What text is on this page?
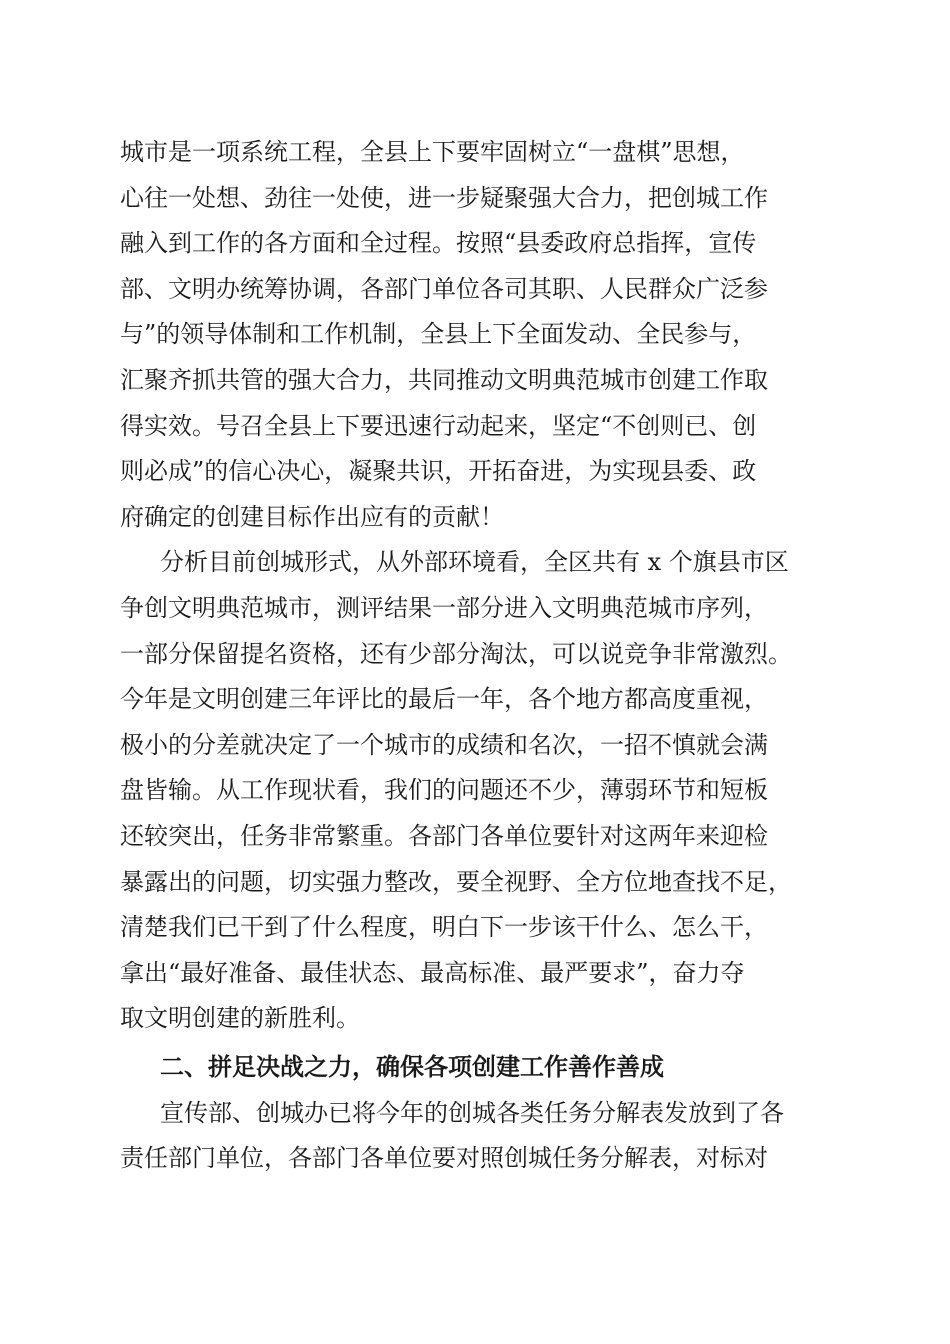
城市是一项系统工程，全县上下要牢固树立“一盘棋”思想，
心往一处想、劲往一处使，进一步疑聚强大合力，把创城工作
融入到工作的各方面和全过程。按照“县委政府总指挥，宣传
部、文明办统筹协调，各部门单位各司其职、人民群众广泛参
与”的领导体制和工作机制，全县上下全面发动、全民参与，
汇聚齐抓共管的强大合力，共同推动文明典范城市创建工作取
得实效。号召全县上下要迅速行动起来，坚定“不创则已、创
则必成”的信心决心，凝聚共识，开拓奋进，为实现县委、政
府确定的创建目标作出应有的贡献！
分析目前创城形式，从外部环境看，全区共有 x 个旗县市区
争创文明典范城市，测评结果一部分进入文明典范城市序列，
一部分保留提名资格，还有少部分淘汰，可以说竞争非常激烈。
今年是文明创建三年评比的最后一年，各个地方都高度重视，
极小的分差就决定了一个城市的成绩和名次，一招不慎就会满
盘皆输。从工作现状看，我们的问题还不少，薄弱环节和短板
还较突出，任务非常繁重。各部门各单位要针对这两年来迎检
暴露出的问题，切实强力整改，要全视野、全方位地查找不足，
清楚我们已干到了什么程度，明白下一步该干什么、怎么干，
拿出“最好准备、最佳状态、最高标准、最严要求”，奋力夺
取文明创建的新胜利。
二、拼足决战之力，确保各项创建工作善作善成
宣传部、创城办已将今年的创城各类任务分解表发放到了各
责任部门单位，各部门各单位要对照创城任务分解表，对标对
